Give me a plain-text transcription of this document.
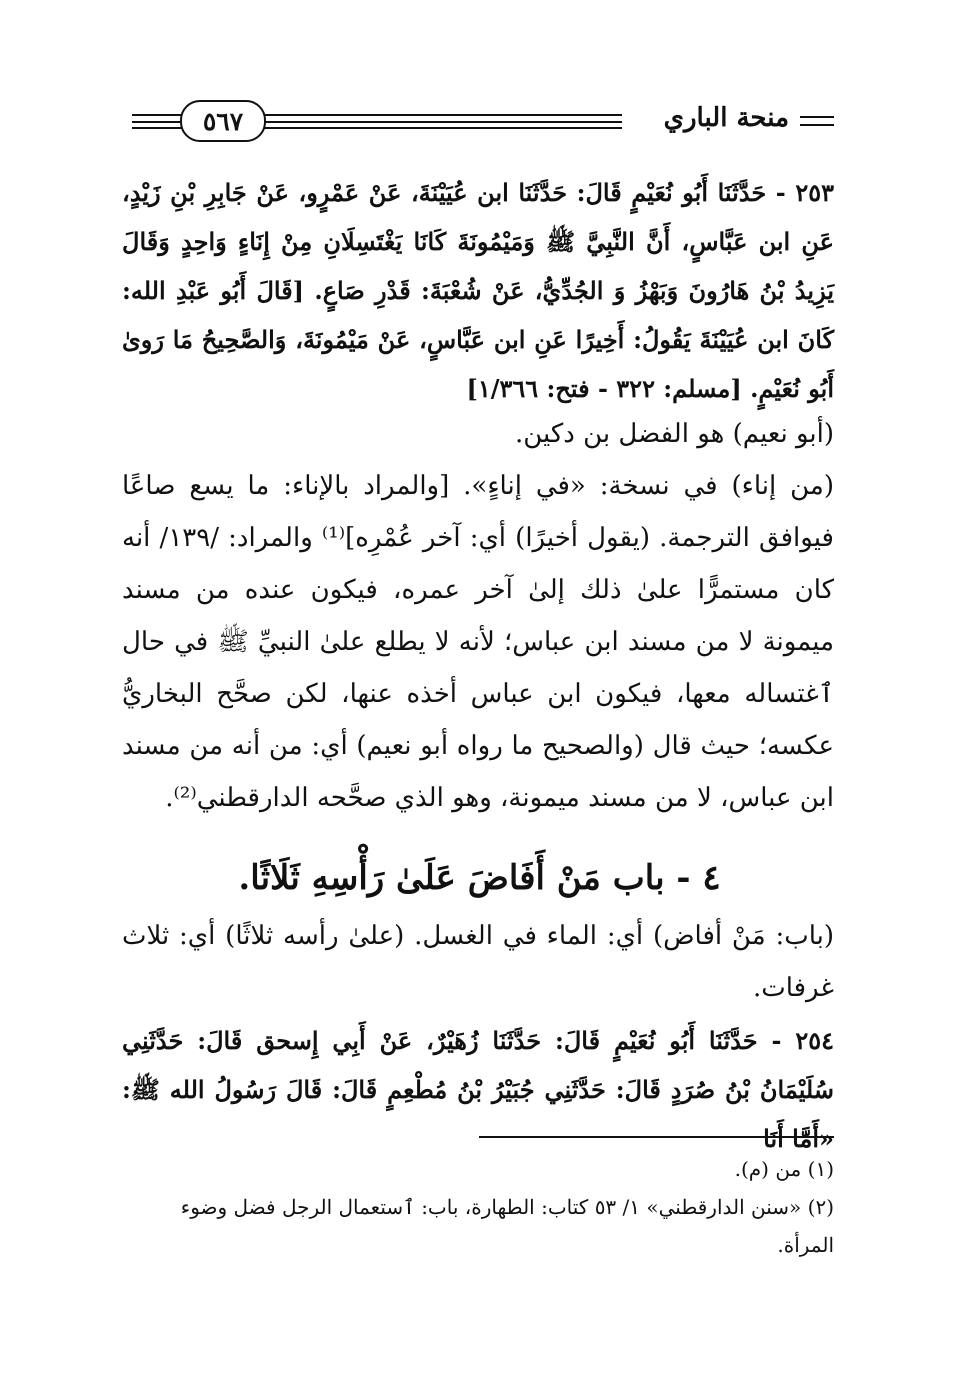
منحة الباري
٥٦٧
٢٥٣ - حَدَّثَنَا أَبُو نُعَيْمٍ قَالَ: حَدَّثَنَا ابن عُيَيْنَةَ، عَنْ عَمْرٍو، عَنْ جَابِرِ بْنِ زَيْدٍ، عَنِ ابن عَبَّاسٍ، أَنَّ النَّبِيَّ ﷺ وَمَيْمُونَةَ كَانَا يَغْتَسِلَانِ مِنْ إِنَاءٍ وَاحِدٍ وَقَالَ يَزِيدُ بْنُ هَارُونَ وَبَهْزُ وَ الجُدِّيُّ، عَنْ شُعْبَةَ: قَدْرِ صَاعٍ. [قَالَ أَبُو عَبْدِ الله: كَانَ ابن عُيَيْنَةَ يَقُولُ: أَخِيرًا عَنِ ابن عَبَّاسٍ، عَنْ مَيْمُونَةَ، وَالصَّحِيحُ مَا رَوىٰ أَبُو نُعَيْمٍ. [مسلم: ٣٢٢ - فتح: ١/٣٦٦]
(أبو نعيم) هو الفضل بن دكين.
(من إناء) في نسخة: «في إناءٍ». [والمراد بالإناء: ما يسع صاعًا فيوافق الترجمة. (يقول أخيرًا) أي: آخر عُمْرِه]⁽¹⁾ والمراد: /١٣٩/ أنه كان مستمرًّا علىٰ ذلك إلىٰ آخر عمره، فيكون عنده من مسند ميمونة لا من مسند ابن عباس؛ لأنه لا يطلع علىٰ النبيِّ ﷺ في حال ٱغتساله معها، فيكون ابن عباس أخذه عنها، لكن صحَّح البخاريُّ عكسه؛ حيث قال (والصحيح ما رواه أبو نعيم) أي: من أنه من مسند ابن عباس، لا من مسند ميمونة، وهو الذي صحَّحه الدارقطني⁽²⁾.
٤ - باب مَنْ أَفَاضَ عَلَىٰ رَأْسِهِ ثَلَاثًا.
(باب: مَنْ أفاض) أي: الماء في الغسل. (علىٰ رأسه ثلاثًا) أي: ثلاث غرفات.
٢٥٤ - حَدَّثَنَا أَبُو نُعَيْمٍ قَالَ: حَدَّثَنَا زُهَيْرٌ، عَنْ أَبِي إِسحق قَالَ: حَدَّثَنِي سُلَيْمَانُ بْنُ صُرَدٍ قَالَ: حَدَّثَنِي جُبَيْرُ بْنُ مُطْعِمٍ قَالَ: قَالَ رَسُولُ الله ﷺ: «أَمَّا أَنَا

(١) من (م).

(٢) «سنن الدارقطني» ١/ ٥٣ كتاب: الطهارة، باب: ٱستعمال الرجل فضل وضوء المرأة.
